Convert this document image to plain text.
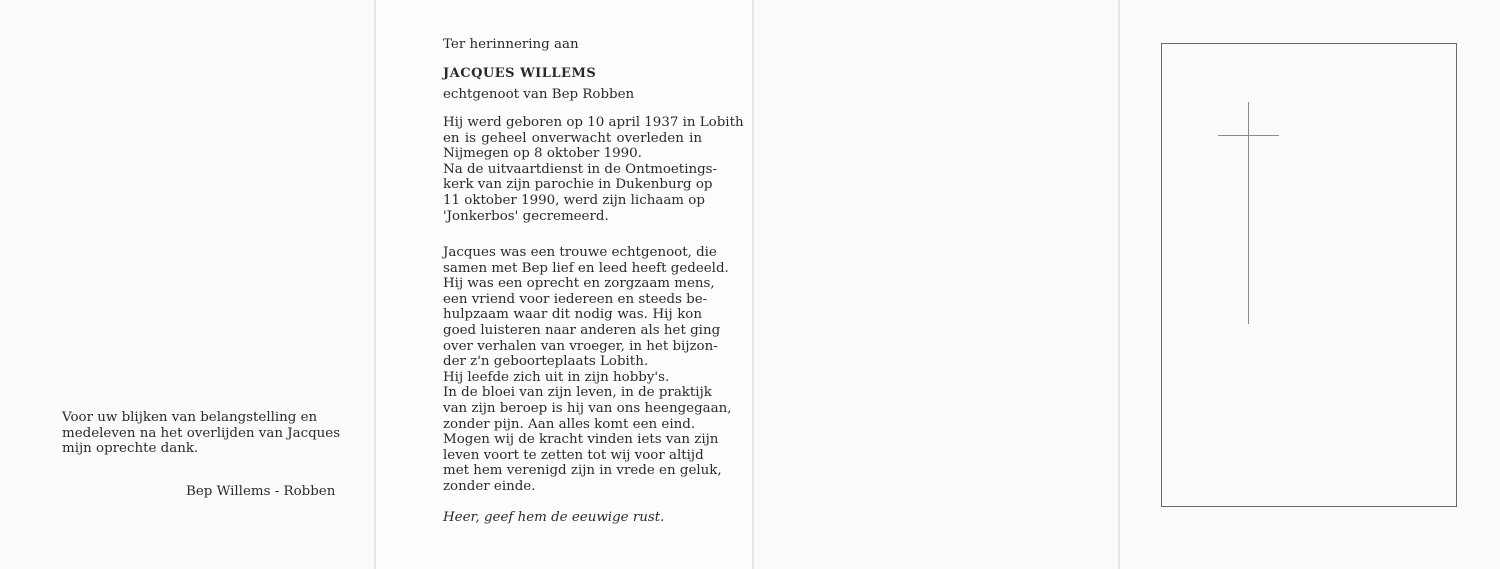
Voor uw blijken van belangstelling en
medeleven na het overlijden van Jacques
mijn oprechte dank.
Bep Willems - Robben
Ter herinnering aan
JACQUES WILLEMS
echtgenoot van Bep Robben
Hij werd geboren op 10 april 1937 in Lobith
en is geheel onverwacht overleden in
Nijmegen op 8 oktober 1990.
Na de uitvaartdienst in de Ontmoetings-
kerk van zijn parochie in Dukenburg op
11 oktober 1990, werd zijn lichaam op
'Jonkerbos' gecremeerd.
Jacques was een trouwe echtgenoot, die
samen met Bep lief en leed heeft gedeeld.
Hij was een oprecht en zorgzaam mens,
een vriend voor iedereen en steeds be-
hulpzaam waar dit nodig was. Hij kon
goed luisteren naar anderen als het ging
over verhalen van vroeger, in het bijzon-
der z'n geboorteplaats Lobith.
Hij leefde zich uit in zijn hobby's.
In de bloei van zijn leven, in de praktijk
van zijn beroep is hij van ons heengegaan,
zonder pijn. Aan alles komt een eind.
Mogen wij de kracht vinden iets van zijn
leven voort te zetten tot wij voor altijd
met hem verenigd zijn in vrede en geluk,
zonder einde.
Heer, geef hem de eeuwige rust.
